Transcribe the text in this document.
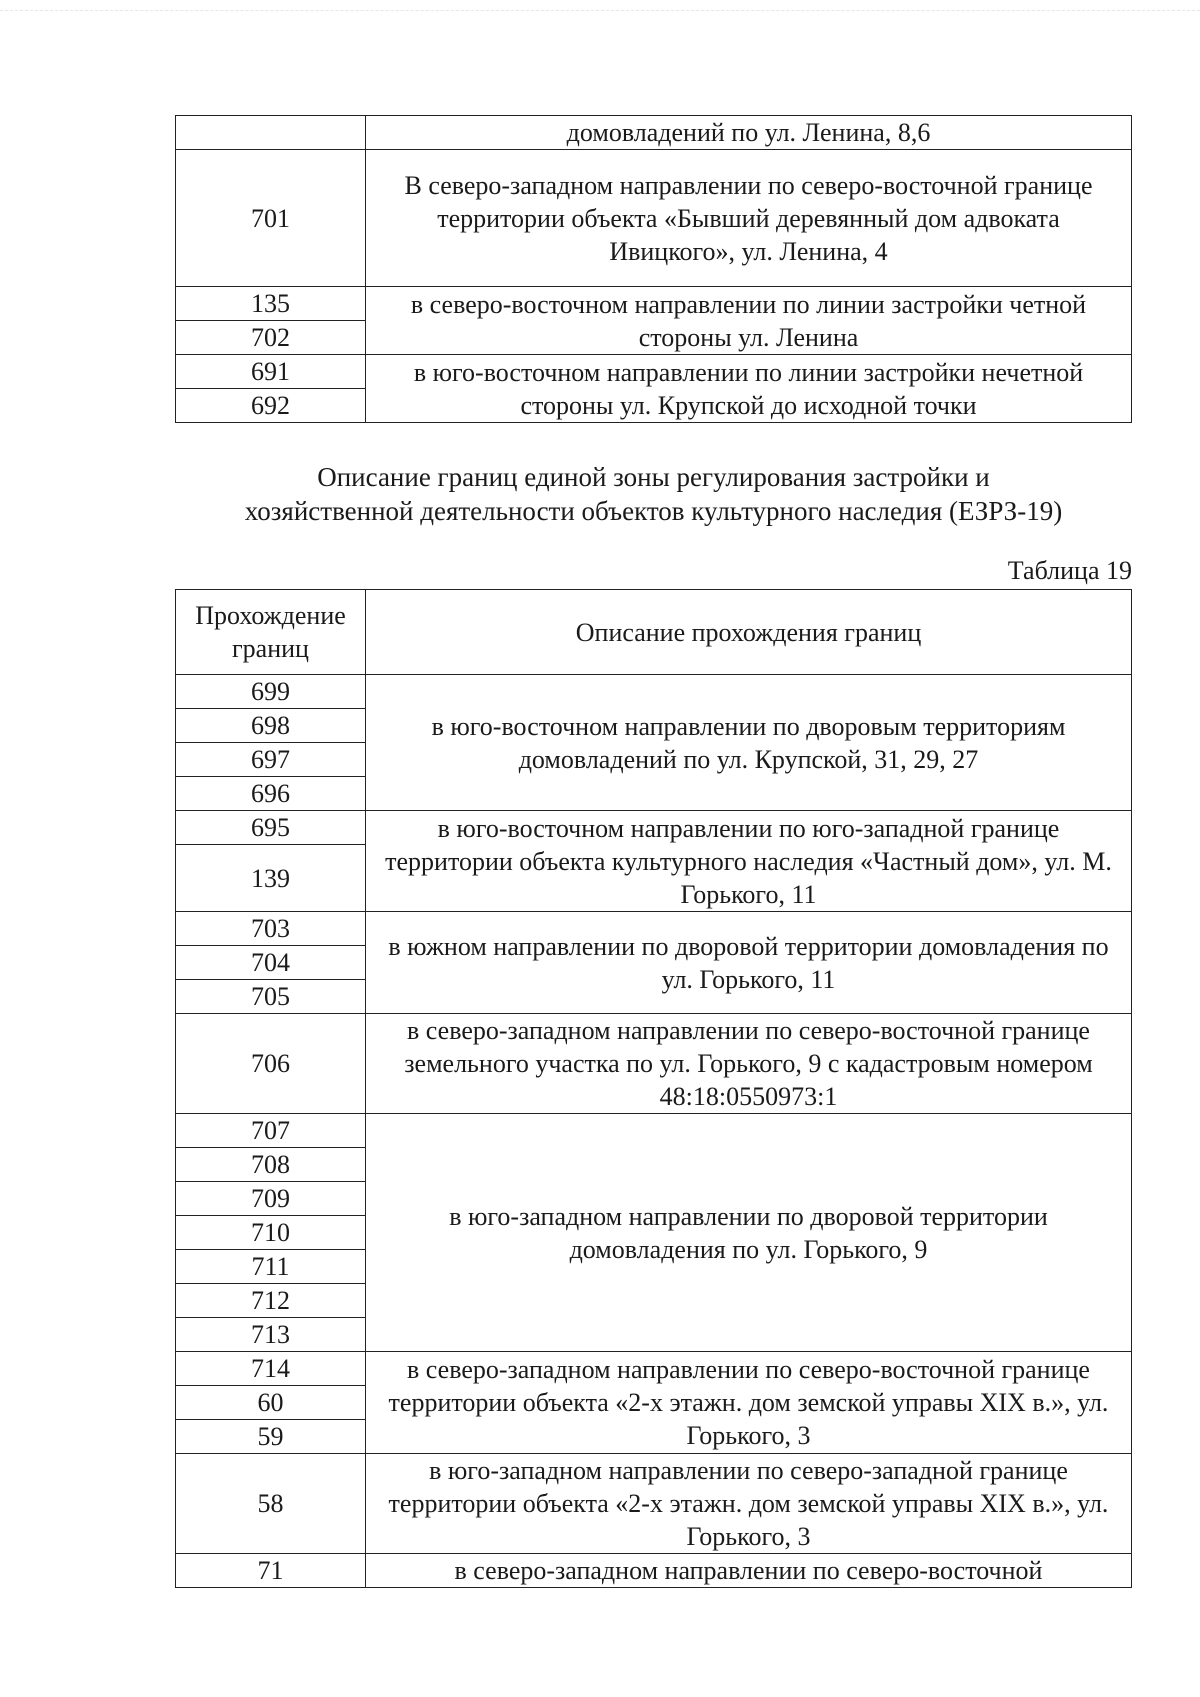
	домовладений по ул. Ленина, 8,6
701	В северо-западном направлении по северо-восточной границе территории объекта «Бывший деревянный дом адвоката Ивицкого», ул. Ленина, 4
135	в северо-восточном направлении по линии застройки четной стороны ул. Ленина
702	
691	в юго-восточном направлении по линии застройки нечетной стороны ул. Крупской до исходной точки
692	
Описание границ единой зоны регулирования застройки и
хозяйственной деятельности объектов культурного наследия (ЕЗРЗ-19)
Таблица 19
Прохождение границ	Описание прохождения границ
699	в юго-восточном направлении по дворовым территориям домовладений по ул. Крупской, 31, 29, 27
698	
697	
696	
695	в юго-восточном направлении по юго-западной границе территории объекта культурного наследия «Частный дом», ул. М. Горького, 11
139	
703	в южном направлении по дворовой территории домовладения по ул. Горького, 11
704	
705	
706	в северо-западном направлении по северо-восточной границе земельного участка по ул. Горького, 9 с кадастровым номером 48:18:0550973:1
707	в юго-западном направлении по дворовой территории домовладения по ул. Горького, 9
708	
709	
710	
711	
712	
713	
714	в северо-западном направлении по северо-восточной границе территории объекта «2-х этажн. дом земской управы XIX в.», ул. Горького, 3
60	
59	
58	в юго-западном направлении по северо-западной границе территории объекта «2-х этажн. дом земской управы XIX в.», ул. Горького, 3
71	в северо-западном направлении по северо-восточной
